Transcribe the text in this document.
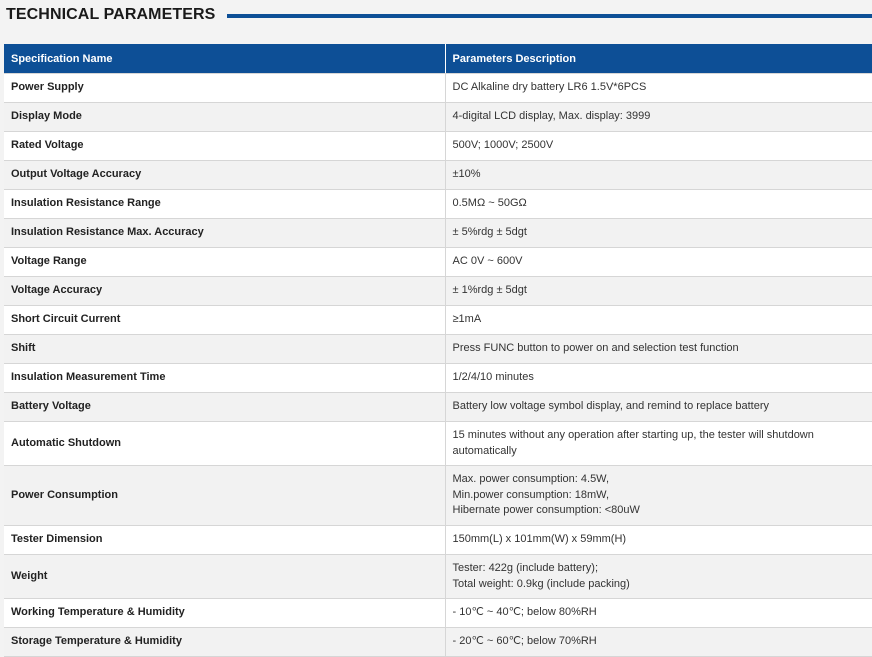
TECHNICAL PARAMETERS
Specification Name	Parameters Description
Power Supply	DC Alkaline dry battery LR6 1.5V*6PCS

Display Mode	4-digital LCD display, Max. display: 3999

Rated Voltage	500V; 1000V; 2500V

Output Voltage Accuracy	±10%

Insulation Resistance Range	0.5MΩ ~ 50GΩ

Insulation Resistance Max. Accuracy	± 5%rdg ± 5dgt

Voltage Range	AC 0V ~ 600V

Voltage Accuracy	± 1%rdg ± 5dgt

Short Circuit Current	≥1mA

Shift	Press FUNC button to power on and selection test function

Insulation Measurement Time	1/2/4/10 minutes

Battery Voltage	Battery low voltage symbol display, and remind to replace battery

Automatic Shutdown	15 minutes without any operation after starting up, the tester will shutdown
automatically

Power Consumption	Max. power consumption: 4.5W,
Min.power consumption: 18mW,
Hibernate power consumption: <80uW

Tester Dimension	150mm(L) x 101mm(W) x 59mm(H)

Weight	Tester: 422g (include battery);
Total weight: 0.9kg (include packing)

Working Temperature & Humidity	- 10℃ ~ 40℃; below 80%RH

Storage Temperature & Humidity	- 20℃ ~ 60℃; below 70%RH
